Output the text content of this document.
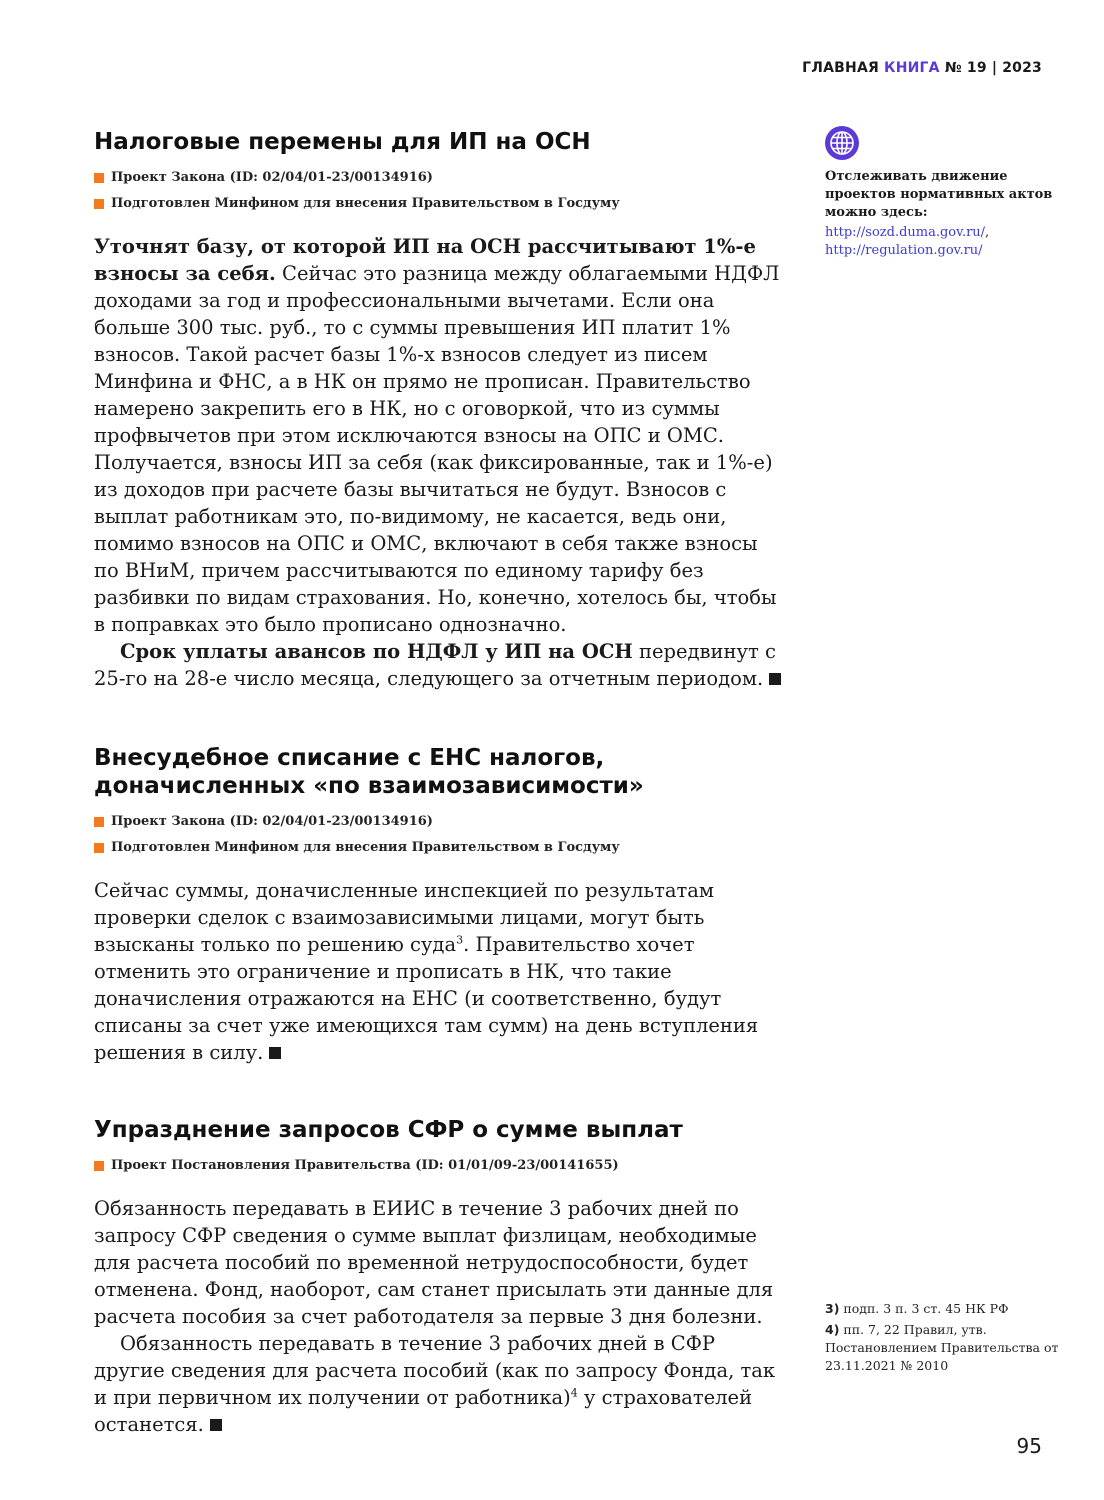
ГЛАВНАЯ КНИГА № 19 | 2023
Налоговые перемены для ИП на ОСН
Проект Закона (ID: 02/04/01-23/00134916)
Подготовлен Минфином для внесения Правительством в Госдуму

Уточнят базу, от которой ИП на ОСН рассчитывают 1%-е взносы за себя. Сейчас это разница между облагаемыми НДФЛ доходами за год и профессиональными вычетами. Если она больше 300 тыс. руб., то с суммы превышения ИП платит 1% взносов. Такой расчет базы 1%-х взносов следует из писем Минфина и ФНС, а в НК он прямо не прописан. Правительство намерено закрепить его в НК, но с оговоркой, что из суммы профвычетов при этом исключаются взносы на ОПС и ОМС. Получается, взносы ИП за себя (как фиксированные, так и 1%-е) из доходов при расчете базы вычитаться не будут. Взносов с выплат работникам это, по-видимому, не касается, ведь они, помимо взносов на ОПС и ОМС, включают в себя также взносы по ВНиМ, причем рассчитываются по единому тарифу без разбивки по видам страхования. Но, конечно, хотелось бы, чтобы в поправках это было прописано однозначно.

Срок уплаты авансов по НДФЛ у ИП на ОСН передвинут с 25-го на 28-е число месяца, следующего за отчетным периодом.

Внесудебное списание с ЕНС налогов, доначисленных «по взаимозависимости»
Проект Закона (ID: 02/04/01-23/00134916)
Подготовлен Минфином для внесения Правительством в Госдуму

Сейчас суммы, доначисленные инспекцией по результатам проверки сделок с взаимозависимыми лицами, могут быть взысканы только по решению суда$^3$. Правительство хочет отменить это ограничение и прописать в НК, что такие доначисления отражаются на ЕНС (и соответственно, будут списаны за счет уже имеющихся там сумм) на день вступления решения в силу.

Упразднение запросов СФР о сумме выплат
Проект Постановления Правительства (ID: 01/01/09-23/00141655)

Обязанность передавать в ЕИИС в течение 3 рабочих дней по запросу СФР сведения о сумме выплат физлицам, необходимые для расчета пособий по временной нетрудоспособности, будет отменена. Фонд, наоборот, сам станет присылать эти данные для расчета пособия за счет работодателя за первые 3 дня болезни.

Обязанность передавать в течение 3 рабочих дней в СФР другие сведения для расчета пособий (как по запросу Фонда, так и при первичном их получении от работника)$^4$ у страхователей останется.

Отслеживать движение проектов нормативных актов можно здесь:
http://sozd.duma.gov.ru/,
http://regulation.gov.ru/
3) подп. 3 п. 3 ст. 45 НК РФ
4) пп. 7, 22 Правил, утв. Постановлением Правительства от 23.11.2021 № 2010
95
